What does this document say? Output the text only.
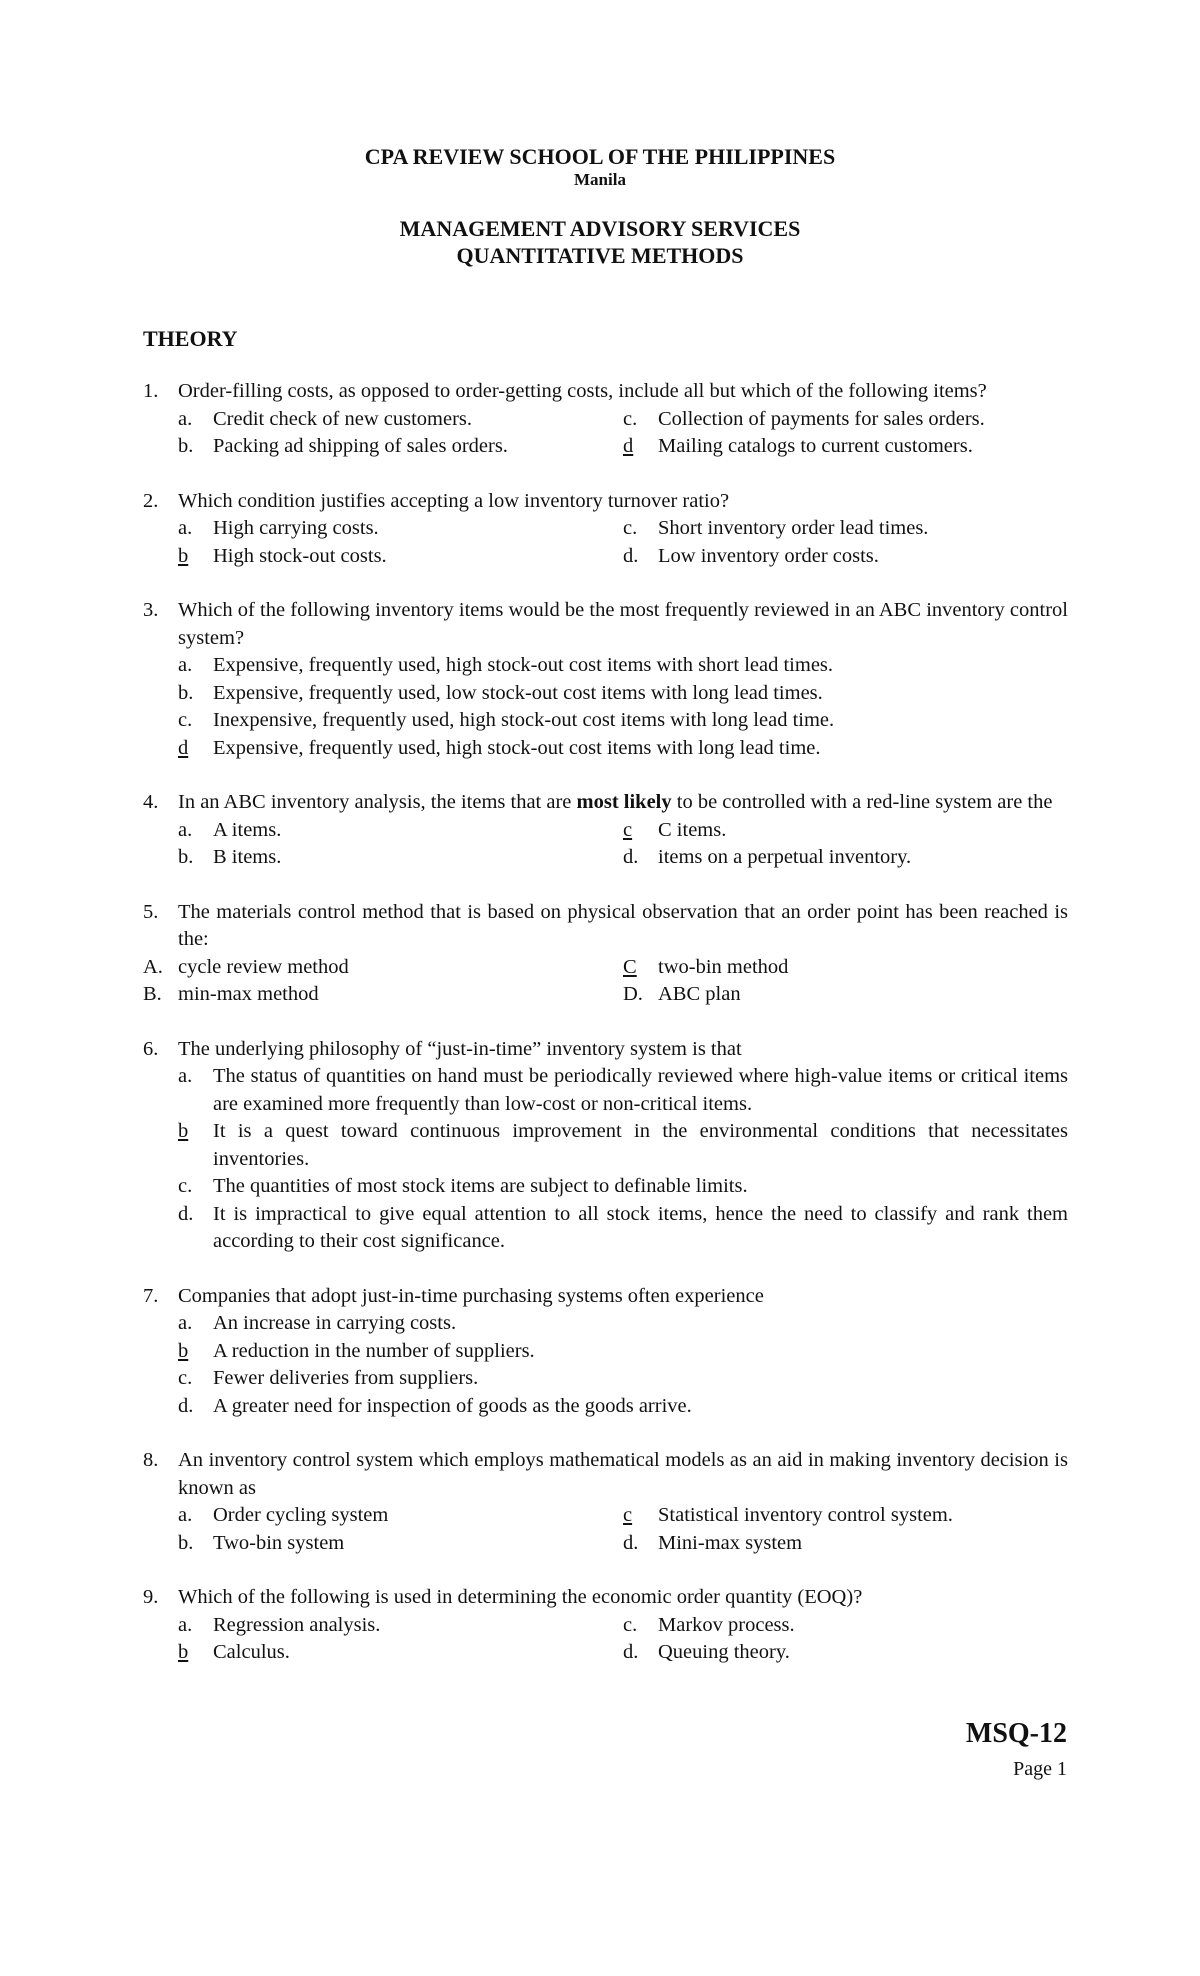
CPA REVIEW SCHOOL OF THE PHILIPPINES
Manila
MANAGEMENT ADVISORY SERVICES
QUANTITATIVE METHODS
THEORY
1. Order-filling costs, as opposed to order-getting costs, include all but which of the following items?
a.	Credit check of new customers.	c.	Collection of payments for sales orders.
b. Packing ad shipping of sales orders.	d	Mailing catalogs to current customers.
2. Which condition justifies accepting a low inventory turnover ratio?
a.	High carrying costs.	c.	Short inventory order lead times.
b	High stock-out costs.	d. Low inventory order costs.
3. Which of the following inventory items would be the most frequently reviewed in an ABC inventory control system?
a.	Expensive, frequently used, high stock-out cost items with short lead times.
b. Expensive, frequently used, low stock-out cost items with long lead times.
c.	Inexpensive, frequently used, high stock-out cost items with long lead time.
d	Expensive, frequently used, high stock-out cost items with long lead time.
4. In an ABC inventory analysis, the items that are most likely to be controlled with a red-line system are the
a.	A items.	c	C items.
b. B items.	d. items on a perpetual inventory.
5. The materials control method that is based on physical observation that an order point has been reached is the:
A. cycle review method	C	two-bin method
B. min-max method	D. ABC plan
6. The underlying philosophy of “just-in-time” inventory system is that
a.	The status of quantities on hand must be periodically reviewed where high-value items or critical items are examined more frequently than low-cost or non-critical items.
b	It is a quest toward continuous improvement in the environmental conditions that necessitates inventories.
c.	The quantities of most stock items are subject to definable limits.
d. It is impractical to give equal attention to all stock items, hence the need to classify and rank them according to their cost significance.
7. Companies that adopt just-in-time purchasing systems often experience
a.	An increase in carrying costs.
b	A reduction in the number of suppliers.
c.	Fewer deliveries from suppliers.
d. A greater need for inspection of goods as the goods arrive.
8. An inventory control system which employs mathematical models as an aid in making inventory decision is known as
a.	Order cycling system	c	Statistical inventory control system.
b. Two-bin system	d. Mini-max system
9. Which of the following is used in determining the economic order quantity (EOQ)?
a.	Regression analysis.	c.	Markov process.
b	Calculus.	d. Queuing theory.
MSQ-12
Page 1
